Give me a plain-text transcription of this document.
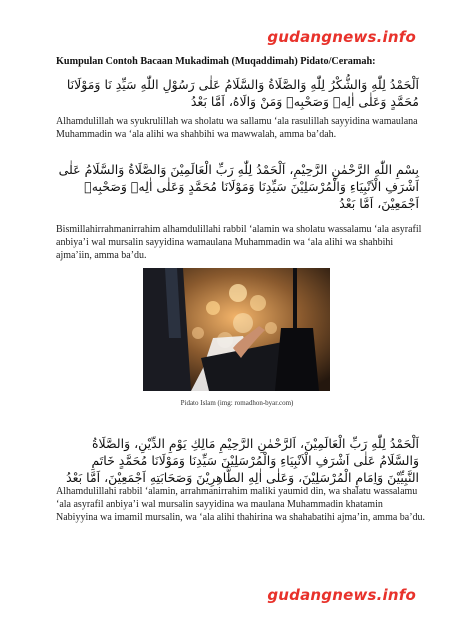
gudangnews.info
Kumpulan Contoh Bacaan Mukadimah (Muqaddimah) Pidato/Ceramah:
اَلْحَمْدُ لِلّٰهِ وَالشُّكْرُ لِلّٰهِ وَالصَّلَاةُ وَالسَّلَامُ عَلٰى رَسُوْلِ اللّٰهِ سَيِّدِ نَا وَمَوْلَانَا مُحَمَّدٍ وَعَلٰى اٰلِهٖ وَصَحْبِهٖ وَمَنْ وَالَاهُ، اَمَّا بَعْدُ
Alhamdulillah wa syukrulillah wa sholatu wa sallamu ‘ala rasulillah sayyidina wamaulana Muhammadin wa ‘ala alihi wa shahbihi wa mawwalah, amma ba’dah.
بِسْمِ اللّٰهِ الرَّحْمٰنِ الرَّحِيْمِ، اَلْحَمْدُ لِلّٰهِ رَبِّ الْعَالَمِيْنَ وَالصَّلَاةُ وَالسَّلَامُ عَلٰى اَشْرَفِ الْاَنْبِيَاءِ وَالْمُرْسَلِيْنَ سَيِّدِنَا وَمَوْلَانَا مُحَمَّدٍ وَعَلٰى اٰلِهٖ وَصَحْبِهٖ اَجْمَعِيْنَ، اَمَّا بَعْدُ
Bismillahirrahmanirrahim alhamdulillahi rabbil ‘alamin wa sholatu wassalamu ‘ala asyrafil anbiya’i wal mursalin sayyidina wamaulana Muhammadin wa ‘ala alihi wa shahbihi ajma’iin, amma ba’du.
Pidato Islam (img: romadhon-byar.com)
اَلْحَمْدُ لِلّٰهِ رَبِّ الْعَالَمِيْنَ، اَلرَّحْمٰنِ الرَّحِيْمِ مَالِكِ يَوْمِ الدِّيْنِ، وَالصَّلَاةُ وَالسَّلَامُ عَلٰى اَشْرَفِ الْاَنْبِيَاءِ وَالْمُرْسَلِيْنَ سَيِّدِنَا وَمَوْلَانَا مُحَمَّدٍ خَاتَمِ النَّبِيِّيْنَ وَاِمَامِ الْمُرْسَلِيْنَ، وَعَلٰى اٰلِهِ الطَّاهِرِيْنَ وَصَحَابَتِهِ اَجْمَعِيْنَ، اَمَّا بَعْدُ
Alhamdulillahi rabbil ‘alamin, arrahmanirrahim maliki yaumid din, wa shalatu wassalamu ‘ala asyrafil anbiya’i wal mursalin sayyidina wa maulana Muhammadin khatamin Nabiyyina wa imamil mursalin, wa ‘ala alihi thahirina wa shahabatihi ajma’in, amma ba’du.
gudangnews.info
